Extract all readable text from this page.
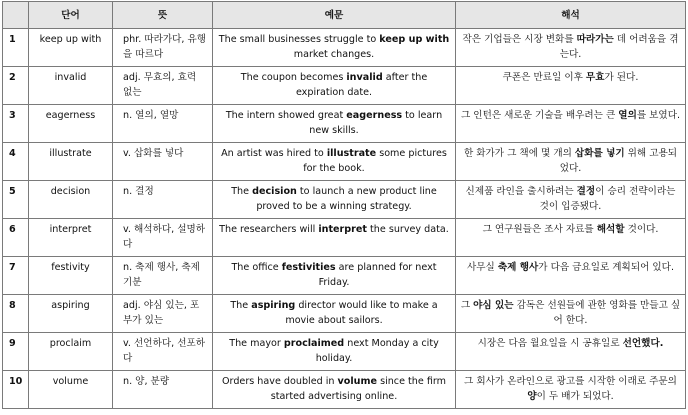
	단어	뜻	예문	해석
1	keep up with	phr. 따라가다, 유행을 따르다	The small businesses struggle to keep up with market changes.	작은 기업들은 시장 변화를 따라가는 데 어려움을 겪는다.
2	invalid	adj. 무효의, 효력 없는	The coupon becomes invalid after the expiration date.	쿠폰은 만료일 이후 무효가 된다.
3	eagerness	n. 열의, 열망	The intern showed great eagerness to learn new skills.	그 인턴은 새로운 기술을 배우려는 큰 열의를 보였다.
4	illustrate	v. 삽화를 넣다	An artist was hired to illustrate some pictures for the book.	한 화가가 그 책에 몇 개의 삽화를 넣기 위해 고용되었다.
5	decision	n. 결정	The decision to launch a new product line proved to be a winning strategy.	신제품 라인을 출시하려는 결정이 승리 전략이라는 것이 입증됐다.
6	interpret	v. 해석하다, 설명하다	The researchers will interpret the survey data.	그 연구원들은 조사 자료를 해석할 것이다.
7	festivity	n. 축제 행사, 축제 기분	The office festivities are planned for next Friday.	사무실 축제 행사가 다음 금요일로 계획되어 있다.
8	aspiring	adj. 야심 있는, 포부가 있는	The aspiring director would like to make a movie about sailors.	그 야심 있는 감독은 선원들에 관한 영화를 만들고 싶어 한다.
9	proclaim	v. 선언하다, 선포하다	The mayor proclaimed next Monday a city holiday.	시장은 다음 월요일을 시 공휴일로 선언했다.
10	volume	n. 양, 분량	Orders have doubled in volume since the firm started advertising online.	그 회사가 온라인으로 광고를 시작한 이래로 주문의 양이 두 배가 되었다.
